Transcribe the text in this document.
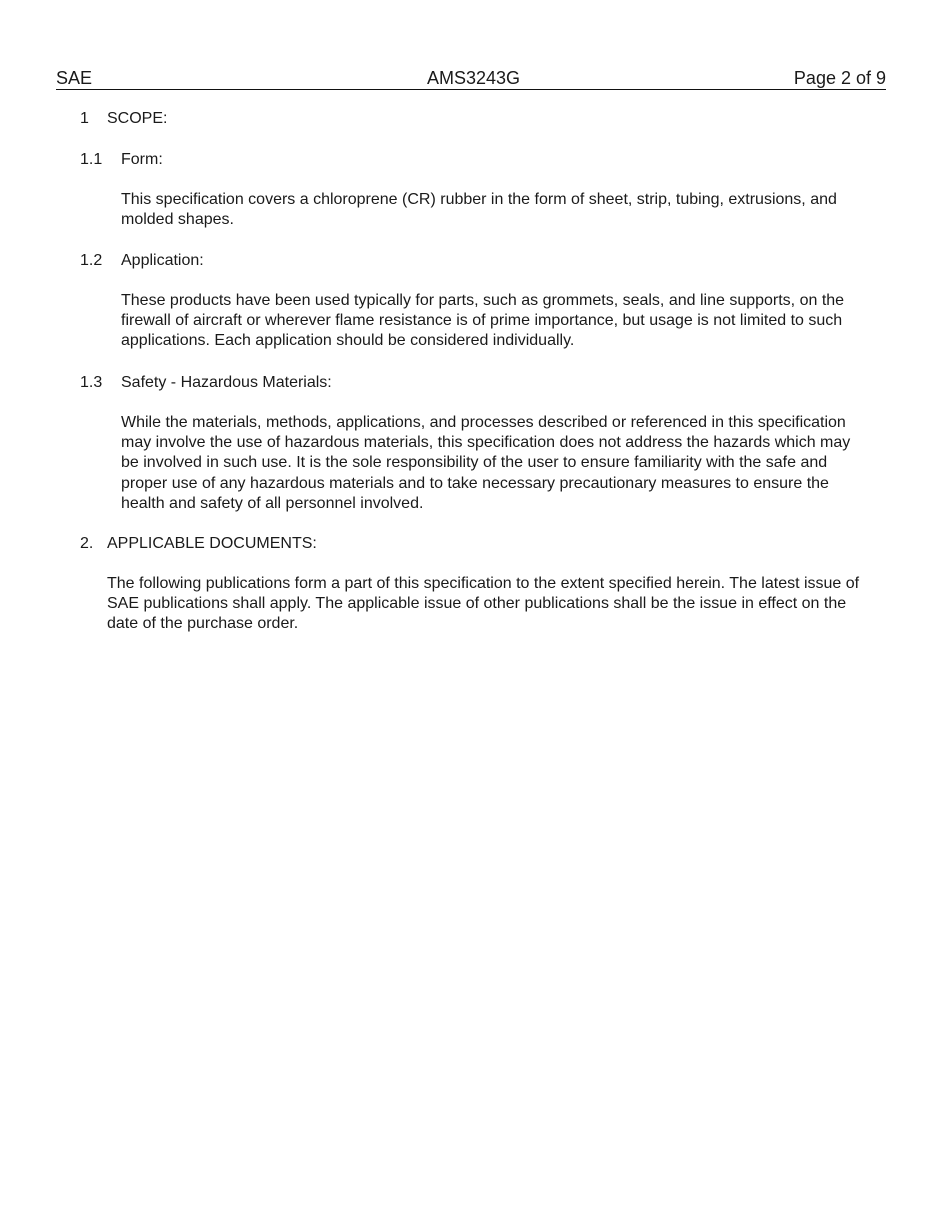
SAE	AMS3243G	Page 2 of 9
1 SCOPE:
1.1 Form:

This specification covers a chloroprene (CR) rubber in the form of sheet, strip, tubing, extrusions, and molded shapes.

1.2 Application:

These products have been used typically for parts, such as grommets, seals, and line supports, on the firewall of aircraft or wherever flame resistance is of prime importance, but usage is not limited to such applications. Each application should be considered individually.

1.3 Safety - Hazardous Materials:

While the materials, methods, applications, and processes described or referenced in this specification may involve the use of hazardous materials, this specification does not address the hazards which may be involved in such use. It is the sole responsibility of the user to ensure familiarity with the safe and proper use of any hazardous materials and to take necessary precautionary measures to ensure the health and safety of all personnel involved.

2. APPLICABLE DOCUMENTS:

The following publications form a part of this specification to the extent specified herein. The latest issue of SAE publications shall apply. The applicable issue of other publications shall be the issue in effect on the date of the purchase order.
